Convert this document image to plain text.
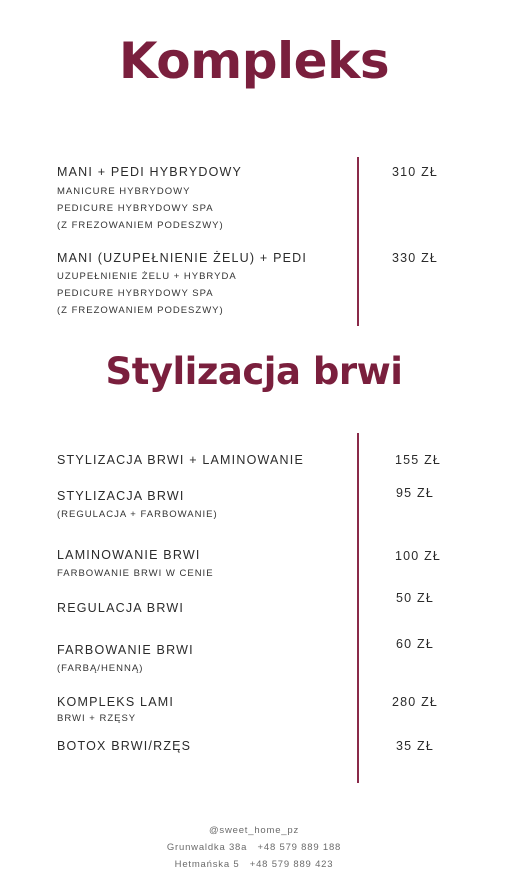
Kompleks
MANI + PEDI HYBRYDOWY
MANICURE HYBRYDOWY
PEDICURE HYBRYDOWY SPA
(Z FREZOWANIEM PODESZWY)
310 ZŁ
MANI (UZUPEŁNIENIE ŻELU) + PEDI
UZUPEŁNIENIE ŻELU + HYBRYDA
PEDICURE HYBRYDOWY SPA
(Z FREZOWANIEM PODESZWY)
330 ZŁ
Stylizacja brwi
STYLIZACJA BRWI + LAMINOWANIE	155 ZŁ
STYLIZACJA BRWI
(REGULACJA + FARBOWANIE)
95 ZŁ
LAMINOWANIE BRWI
FARBOWANIE BRWI W CENIE
100 ZŁ
REGULACJA BRWI
50 ZŁ
FARBOWANIE BRWI
(FARBĄ/HENNĄ)
60 ZŁ
KOMPLEKS LAMI
BRWI + RZĘSY
280 ZŁ
BOTOX BRWI/RZĘS	35 ZŁ
@sweet_home_pz
Grunwaldka 38a   +48 579 889 188
Hetmańska 5   +48 579 889 423
